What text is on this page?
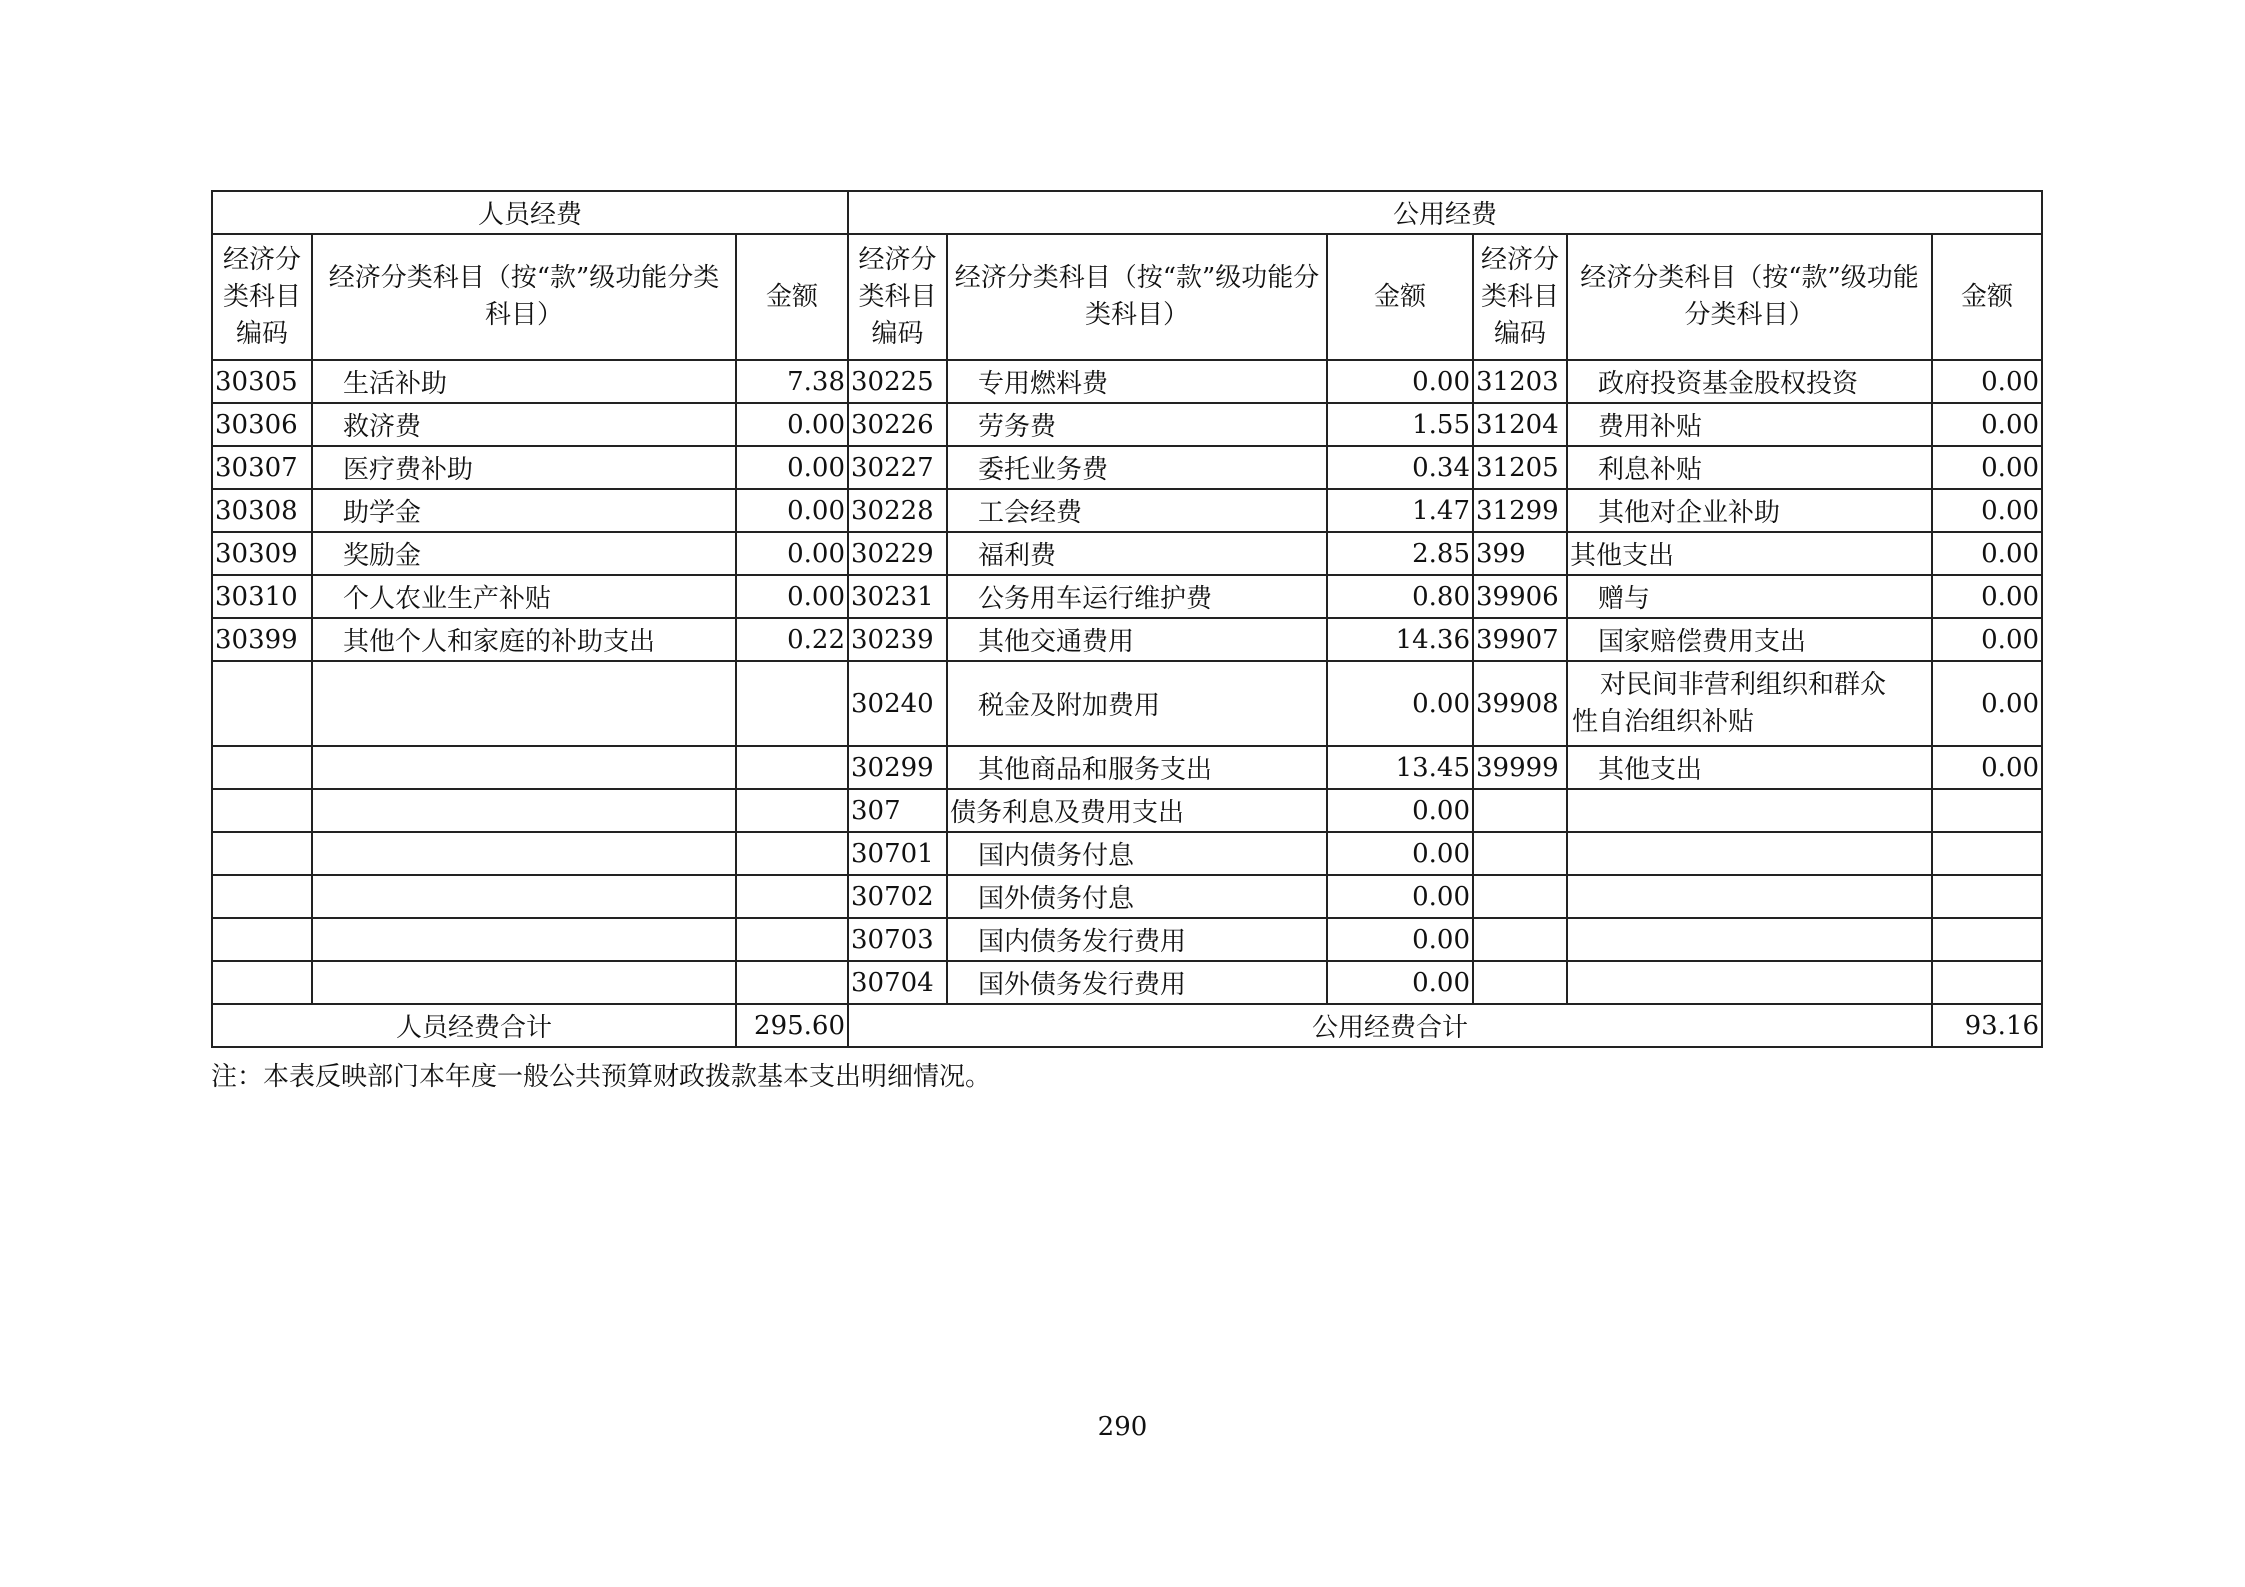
人员经费			公用经费					
经济分类科目编码	经济分类科目（按“款”级功能分类科目）	金额	经济分类科目编码	经济分类科目（按“款”级功能分类科目）	金额	经济分类科目编码	经济分类科目（按“款”级功能分类科目）	金额
30305	生活补助	7.38	30225	专用燃料费	0.00	31203	政府投资基金股权投资	0.00
30306	救济费	0.00	30226	劳务费	1.55	31204	费用补贴	0.00
30307	医疗费补助	0.00	30227	委托业务费	0.34	31205	利息补贴	0.00
30308	助学金	0.00	30228	工会经费	1.47	31299	其他对企业补助	0.00
30309	奖励金	0.00	30229	福利费	2.85	399	其他支出	0.00
30310	个人农业生产补贴	0.00	30231	公务用车运行维护费	0.80	39906	赠与	0.00
30399	其他个人和家庭的补助支出	0.22	30239	其他交通费用	14.36	39907	国家赔偿费用支出	0.00
			30240	税金及附加费用	0.00	39908	对民间非营利组织和群众
性自治组织补贴	0.00
			30299	其他商品和服务支出	13.45	39999	其他支出	0.00
			307	债务利息及费用支出	0.00			
			30701	国内债务付息	0.00			
			30702	国外债务付息	0.00			
			30703	国内债务发行费用	0.00			
			30704	国外债务发行费用	0.00			
人员经费合计		295.60	公用经费合计					93.16
注：本表反映部门本年度一般公共预算财政拨款基本支出明细情况。
290
